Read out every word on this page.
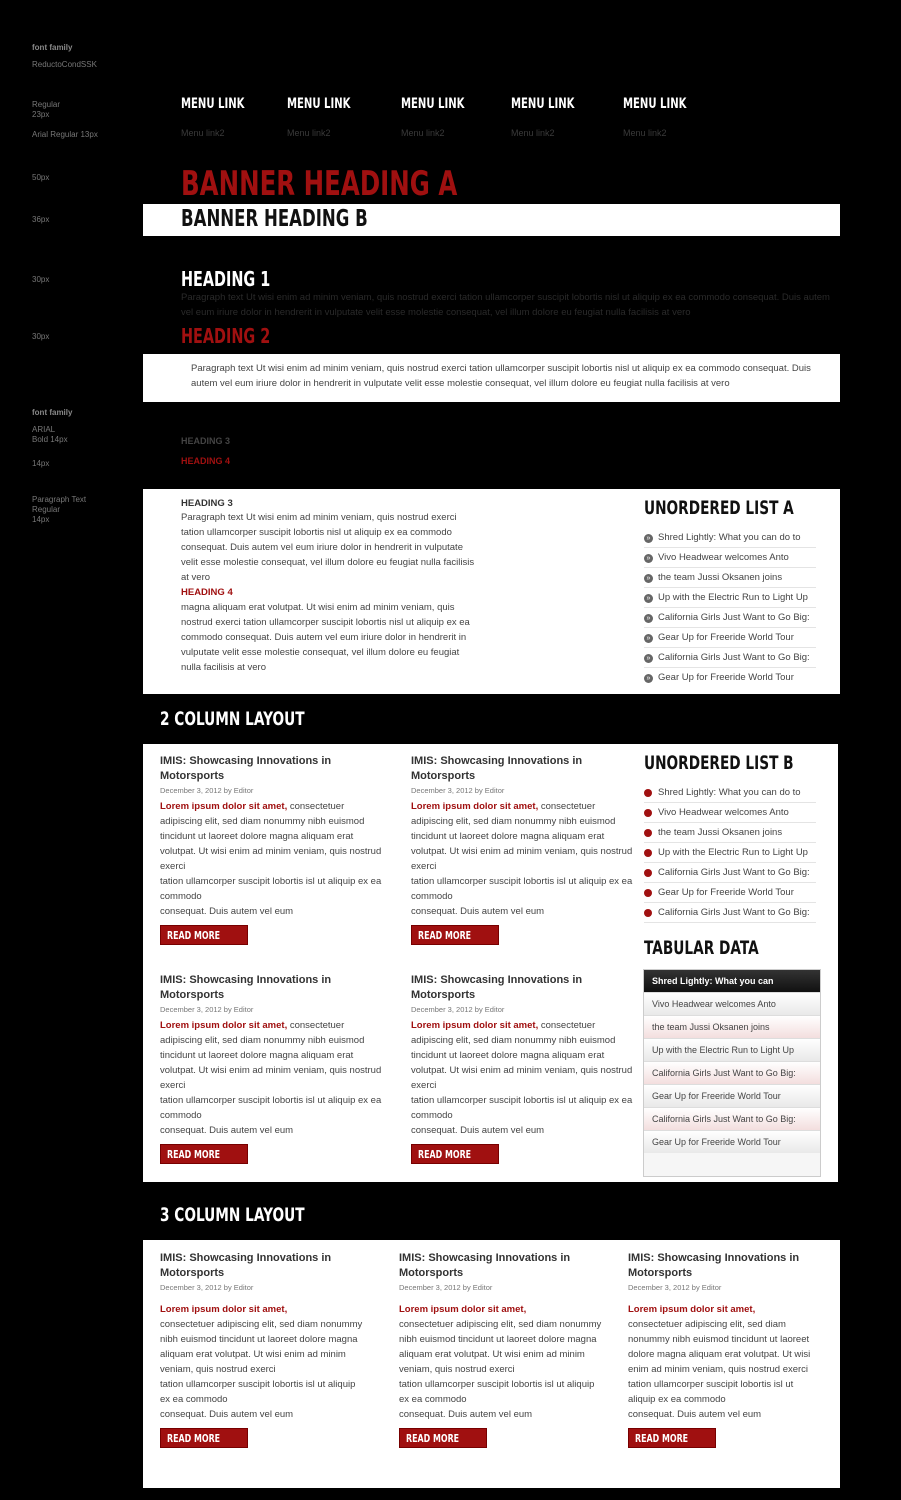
font family
ReductoCondSSK
Regular
23px
Arial Regular 13px
50px
36px
30px
30px
font family
ARIAL
Bold 14px
14px
Paragraph Text
Regular
14px
MENU LINK	MENU LINK	MENU LINK	MENU LINK	MENU LINK
Menu link2	Menu link2	Menu link2	Menu link2	Menu link2
BANNER HEADING A
BANNER HEADING B
HEADING 1
Paragraph text Ut wisi enim ad minim veniam, quis nostrud exerci tation ullamcorper suscipit lobortis nisl ut aliquip ex ea commodo consequat. Duis autem vel eum iriure dolor in hendrerit in vulputate velit esse molestie consequat, vel illum dolore eu feugiat nulla facilisis at vero
HEADING 2
Paragraph text Ut wisi enim ad minim veniam, quis nostrud exerci tation ullamcorper suscipit lobortis nisl ut aliquip ex ea commodo consequat. Duis autem vel eum iriure dolor in hendrerit in vulputate velit esse molestie consequat, vel illum dolore eu feugiat nulla facilisis at vero
HEADING 3
HEADING 4
HEADING 3
Paragraph text Ut wisi enim ad minim veniam, quis nostrud exerci tation ullamcorper suscipit lobortis nisl ut aliquip ex ea commodo consequat. Duis autem vel eum iriure dolor in hendrerit in vulputate velit esse molestie consequat, vel illum dolore eu feugiat nulla facilisis at vero
HEADING 4
magna aliquam erat volutpat. Ut wisi enim ad minim veniam, quis nostrud exerci tation ullamcorper suscipit lobortis nisl ut aliquip ex ea commodo consequat. Duis autem vel eum iriure dolor in hendrerit in vulputate velit esse molestie consequat, vel illum dolore eu feugiat nulla facilisis at vero
UNORDERED LIST A
» Shred Lightly: What you can do to
» Vivo Headwear welcomes Anto
» the team Jussi Oksanen joins
» Up with the Electric Run to Light Up
» California Girls Just Want to Go Big:
» Gear Up for Freeride World Tour
» California Girls Just Want to Go Big:
» Gear Up for Freeride World Tour
2 COLUMN LAYOUT
IMIS: Showcasing Innovations in Motorsports
December 3, 2012 by Editor
Lorem ipsum dolor sit amet, consectetuer adipiscing elit, sed diam nonummy nibh euismod tincidunt ut laoreet dolore magna aliquam erat volutpat. Ut wisi enim ad minim veniam, quis nostrud exerci
tation ullamcorper suscipit lobortis isl ut aliquip ex ea commodo
consequat. Duis autem vel eum
READ MORE
IMIS: Showcasing Innovations in Motorsports
December 3, 2012 by Editor
Lorem ipsum dolor sit amet, consectetuer adipiscing elit, sed diam nonummy nibh euismod tincidunt ut laoreet dolore magna aliquam erat volutpat. Ut wisi enim ad minim veniam, quis nostrud exerci
tation ullamcorper suscipit lobortis isl ut aliquip ex ea commodo
consequat. Duis autem vel eum
READ MORE
IMIS: Showcasing Innovations in Motorsports
December 3, 2012 by Editor
Lorem ipsum dolor sit amet, consectetuer adipiscing elit, sed diam nonummy nibh euismod tincidunt ut laoreet dolore magna aliquam erat volutpat. Ut wisi enim ad minim veniam, quis nostrud exerci
tation ullamcorper suscipit lobortis isl ut aliquip ex ea commodo
consequat. Duis autem vel eum
READ MORE
IMIS: Showcasing Innovations in Motorsports
December 3, 2012 by Editor
Lorem ipsum dolor sit amet, consectetuer adipiscing elit, sed diam nonummy nibh euismod tincidunt ut laoreet dolore magna aliquam erat volutpat. Ut wisi enim ad minim veniam, quis nostrud exerci
tation ullamcorper suscipit lobortis isl ut aliquip ex ea commodo
consequat. Duis autem vel eum
READ MORE
UNORDERED LIST B
Shred Lightly: What you can do to
Vivo Headwear welcomes Anto
the team Jussi Oksanen joins
Up with the Electric Run to Light Up
California Girls Just Want to Go Big:
Gear Up for Freeride World Tour
California Girls Just Want to Go Big:
TABULAR DATA
Shred Lightly: What you can
Vivo Headwear welcomes Anto
the team Jussi Oksanen joins
Up with the Electric Run to Light Up
California Girls Just Want to Go Big:
Gear Up for Freeride World Tour
California Girls Just Want to Go Big:
Gear Up for Freeride World Tour
3 COLUMN LAYOUT
IMIS: Showcasing Innovations in Motorsports
December 3, 2012 by Editor
Lorem ipsum dolor sit amet,
consectetuer adipiscing elit, sed diam nonummy nibh euismod tincidunt ut laoreet dolore magna aliquam erat volutpat. Ut wisi enim ad minim veniam, quis nostrud exerci
tation ullamcorper suscipit lobortis isl ut aliquip ex ea commodo
consequat. Duis autem vel eum
READ MORE
IMIS: Showcasing Innovations in Motorsports
December 3, 2012 by Editor
Lorem ipsum dolor sit amet,
consectetuer adipiscing elit, sed diam nonummy nibh euismod tincidunt ut laoreet dolore magna aliquam erat volutpat. Ut wisi enim ad minim veniam, quis nostrud exerci
tation ullamcorper suscipit lobortis isl ut aliquip ex ea commodo
consequat. Duis autem vel eum
READ MORE
IMIS: Showcasing Innovations in Motorsports
December 3, 2012 by Editor
Lorem ipsum dolor sit amet,
consectetuer adipiscing elit, sed diam nonummy nibh euismod tincidunt ut laoreet dolore magna aliquam erat volutpat. Ut wisi enim ad minim veniam, quis nostrud exerci
tation ullamcorper suscipit lobortis isl ut aliquip ex ea commodo
consequat. Duis autem vel eum
READ MORE
